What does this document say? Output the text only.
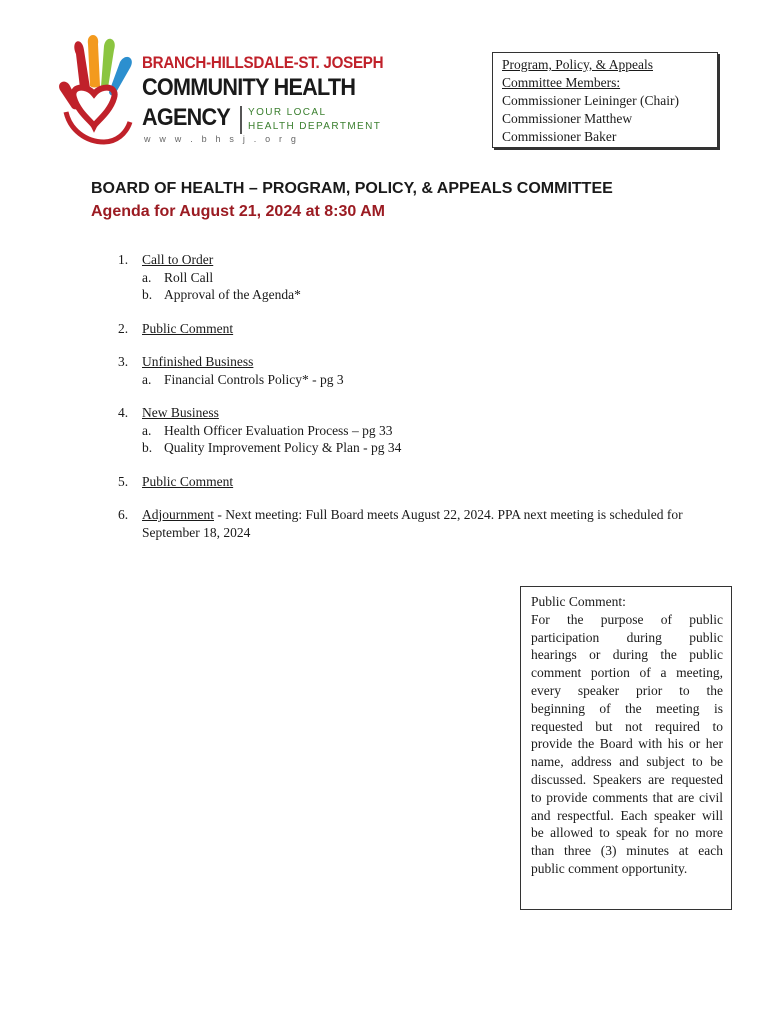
BRANCH-HILLSDALE-ST. JOSEPH
COMMUNITY HEALTH
AGENCY YOUR LOCAL
HEALTH DEPARTMENT
w w w . b h s j . o r g
Program, Policy, & Appeals
Committee Members:
Commissioner Leininger (Chair)
Commissioner Matthew
Commissioner Baker
BOARD OF HEALTH – PROGRAM, POLICY, & APPEALS COMMITTEE
Agenda for August 21, 2024 at 8:30 AM
1. Call to Order
a. Roll Call
b. Approval of the Agenda*
2. Public Comment
3. Unfinished Business
a. Financial Controls Policy* - pg 3
4. New Business
a. Health Officer Evaluation Process – pg 33
b. Quality Improvement Policy & Plan - pg 34
5. Public Comment
6. Adjournment - Next meeting: Full Board meets August 22, 2024. PPA next meeting is scheduled for September 18, 2024
Public Comment:
For the purpose of public participation during public hearings or during the public comment portion of a meeting, every speaker prior to the beginning of the meeting is requested but not required to provide the Board with his or her name, address and subject to be discussed. Speakers are requested to provide comments that are civil and respectful. Each speaker will be allowed to speak for no more than three (3) minutes at each public comment opportunity.
